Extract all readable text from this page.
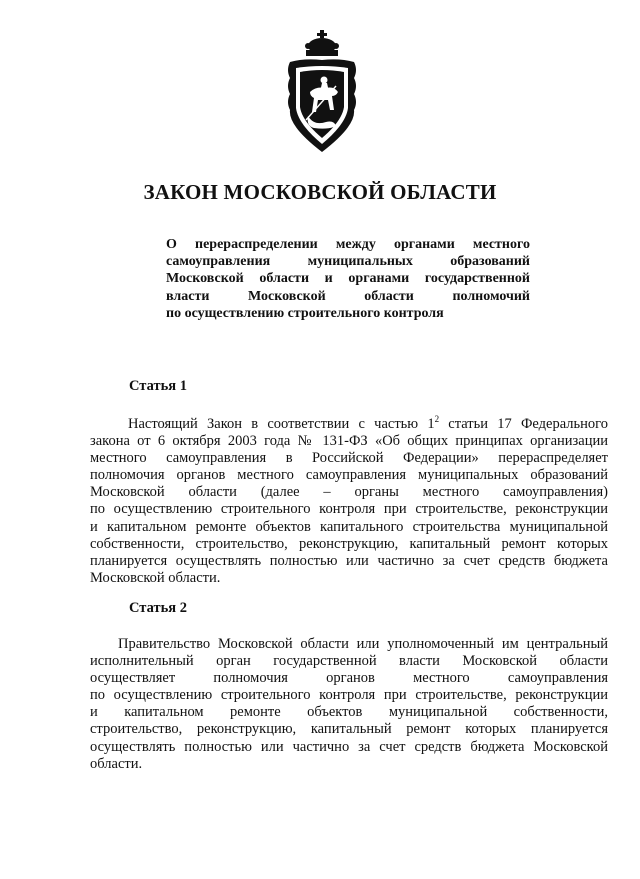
ЗАКОН МОСКОВСКОЙ ОБЛАСТИ
О перераспределении между органами местного
самоуправления муниципальных образований
Московской области и органами государственной
власти Московской области полномочий
по осуществлению строительного контроля
Статья 1
Настоящий Закон в соответствии с частью $1^2$ статьи 17 Федерального
закона от 6 октября 2003 года № 131-ФЗ «Об общих принципах организации
местного самоуправления в Российской Федерации» перераспределяет
полномочия органов местного самоуправления муниципальных образований
Московской области (далее – органы местного самоуправления)
по осуществлению строительного контроля при строительстве, реконструкции
и капитальном ремонте объектов капитального строительства муниципальной
собственности, строительство, реконструкцию, капитальный ремонт которых
планируется осуществлять полностью или частично за счет средств бюджета
Московской области.
Статья 2
Правительство Московской области или уполномоченный им центральный
исполнительный орган государственной власти Московской области
осуществляет полномочия органов местного самоуправления
по осуществлению строительного контроля при строительстве, реконструкции
и капитальном ремонте объектов муниципальной собственности,
строительство, реконструкцию, капитальный ремонт которых планируется
осуществлять полностью или частично за счет средств бюджета Московской
области.
